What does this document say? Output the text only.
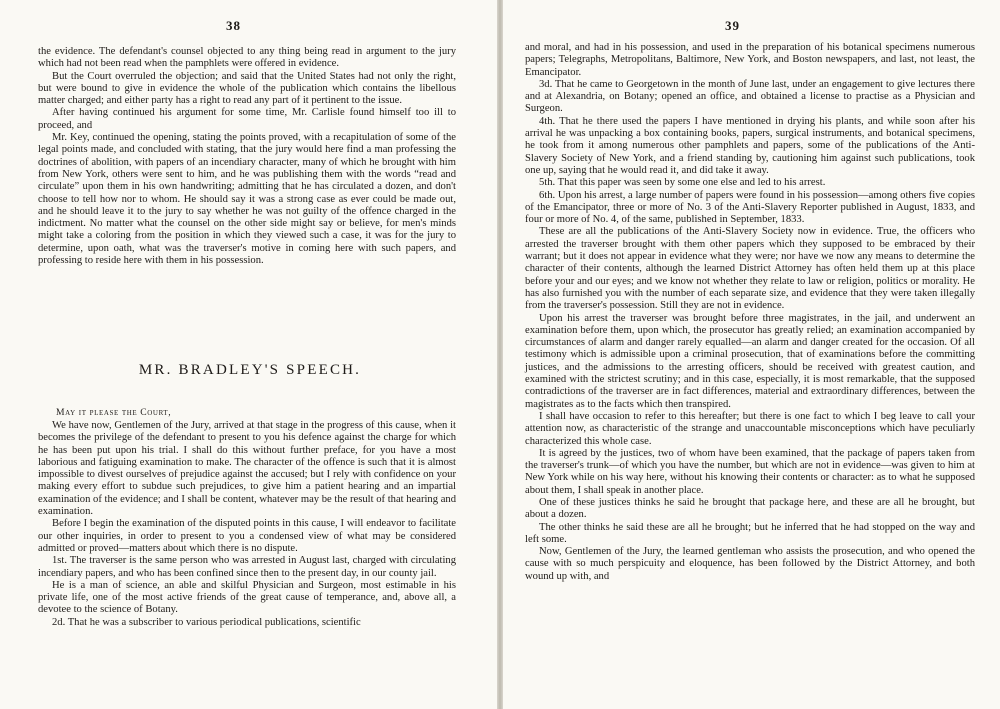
38

the evidence. The defendant's counsel objected to any thing being read in argument to the jury which had not been read when the pamphlets were offered in evidence.

But the Court overruled the objection; and said that the United States had not only the right, but were bound to give in evidence the whole of the publication which contains the libellous matter charged; and either party has a right to read any part of it pertinent to the issue.

After having continued his argument for some time, Mr. Carlisle found himself too ill to proceed, and

Mr. Key, continued the opening, stating the points proved, with a recapitulation of some of the legal points made, and concluded with stating, that the jury would here find a man professing the doctrines of abolition, with papers of an incendiary character, many of which he brought with him from New York, others were sent to him, and he was publishing them with the words “read and circulate” upon them in his own handwriting; admitting that he has circulated a dozen, and don't choose to tell how nor to whom. He should say it was a strong case as ever could be made out, and he should leave it to the jury to say whether he was not guilty of the offence charged in the indictment. No matter what the counsel on the other side might say or believe, for men's minds might take a coloring from the position in which they viewed such a case, it was for the jury to determine, upon oath, what was the traverser's motive in coming here with such papers, and professing to reside here with them in his possession.

MR. BRADLEY'S SPEECH.
May it please the Court,

We have now, Gentlemen of the Jury, arrived at that stage in the progress of this cause, when it becomes the privilege of the defendant to present to you his defence against the charge for which he has been put upon his trial. I shall do this without further preface, for you have a most laborious and fatiguing examination to make. The character of the offence is such that it is almost impossible to divest ourselves of prejudice against the accused; but I rely with confidence on your making every effort to subdue such prejudices, to give him a patient hearing and an impartial examination of the evidence; and I shall be content, whatever may be the result of that hearing and examination.

Before I begin the examination of the disputed points in this cause, I will endeavor to facilitate our other inquiries, in order to present to you a condensed view of what may be considered admitted or proved—matters about which there is no dispute.

1st. The traverser is the same person who was arrested in August last, charged with circulating incendiary papers, and who has been confined since then to the present day, in our county jail.

He is a man of science, an able and skilful Physician and Surgeon, most estimable in his private life, one of the most active friends of the great cause of temperance, and, above all, a devotee to the science of Botany.

2d. That he was a subscriber to various periodical publications, scientific

39

and moral, and had in his possession, and used in the preparation of his botanical specimens numerous papers; Telegraphs, Metropolitans, Baltimore, New York, and Boston newspapers, and last, not least, the Emancipator.

3d. That he came to Georgetown in the month of June last, under an engagement to give lectures there and at Alexandria, on Botany; opened an office, and obtained a license to practise as a Physician and Surgeon.

4th. That he there used the papers I have mentioned in drying his plants, and while soon after his arrival he was unpacking a box containing books, papers, surgical instruments, and botanical specimens, he took from it among numerous other pamphlets and papers, some of the publications of the Anti-Slavery Society of New York, and a friend standing by, cautioning him against such publications, took one up, saying that he would read it, and did take it away.

5th. That this paper was seen by some one else and led to his arrest.

6th. Upon his arrest, a large number of papers were found in his possession—among others five copies of the Emancipator, three or more of No. 3 of the Anti-Slavery Reporter published in August, 1833, and four or more of No. 4, of the same, published in September, 1833.

These are all the publications of the Anti-Slavery Society now in evidence. True, the officers who arrested the traverser brought with them other papers which they supposed to be embraced by their warrant; but it does not appear in evidence what they were; nor have we now any means to determine the character of their contents, although the learned District Attorney has often held them up at this place before your and our eyes; and we know not whether they relate to law or religion, politics or morality. He has also furnished you with the number of each separate size, and evidence that they were taken illegally from the traverser's possession. Still they are not in evidence.

Upon his arrest the traverser was brought before three magistrates, in the jail, and underwent an examination before them, upon which, the prosecutor has greatly relied; an examination accompanied by circumstances of alarm and danger rarely equalled—an alarm and danger created for the occasion. Of all testimony which is admissible upon a criminal prosecution, that of examinations before the committing justices, and the admissions to the arresting officers, should be received with greatest caution, and examined with the strictest scrutiny; and in this case, especially, it is most remarkable, that the supposed contradictions of the traverser are in fact differences, material and extraordinary differences, between the magistrates as to the facts which then transpired.

I shall have occasion to refer to this hereafter; but there is one fact to which I beg leave to call your attention now, as characteristic of the strange and unaccountable misconceptions which have peculiarly characterized this whole case.

It is agreed by the justices, two of whom have been examined, that the package of papers taken from the traverser's trunk—of which you have the number, but which are not in evidence—was given to him at New York while on his way here, without his knowing their contents or character: as to what he supposed about them, I shall speak in another place.

One of these justices thinks he said he brought that package here, and these are all he brought, but about a dozen.

The other thinks he said these are all he brought; but he inferred that he had stopped on the way and left some.

Now, Gentlemen of the Jury, the learned gentleman who assists the prosecution, and who opened the cause with so much perspicuity and eloquence, has been followed by the District Attorney, and both wound up with, and
